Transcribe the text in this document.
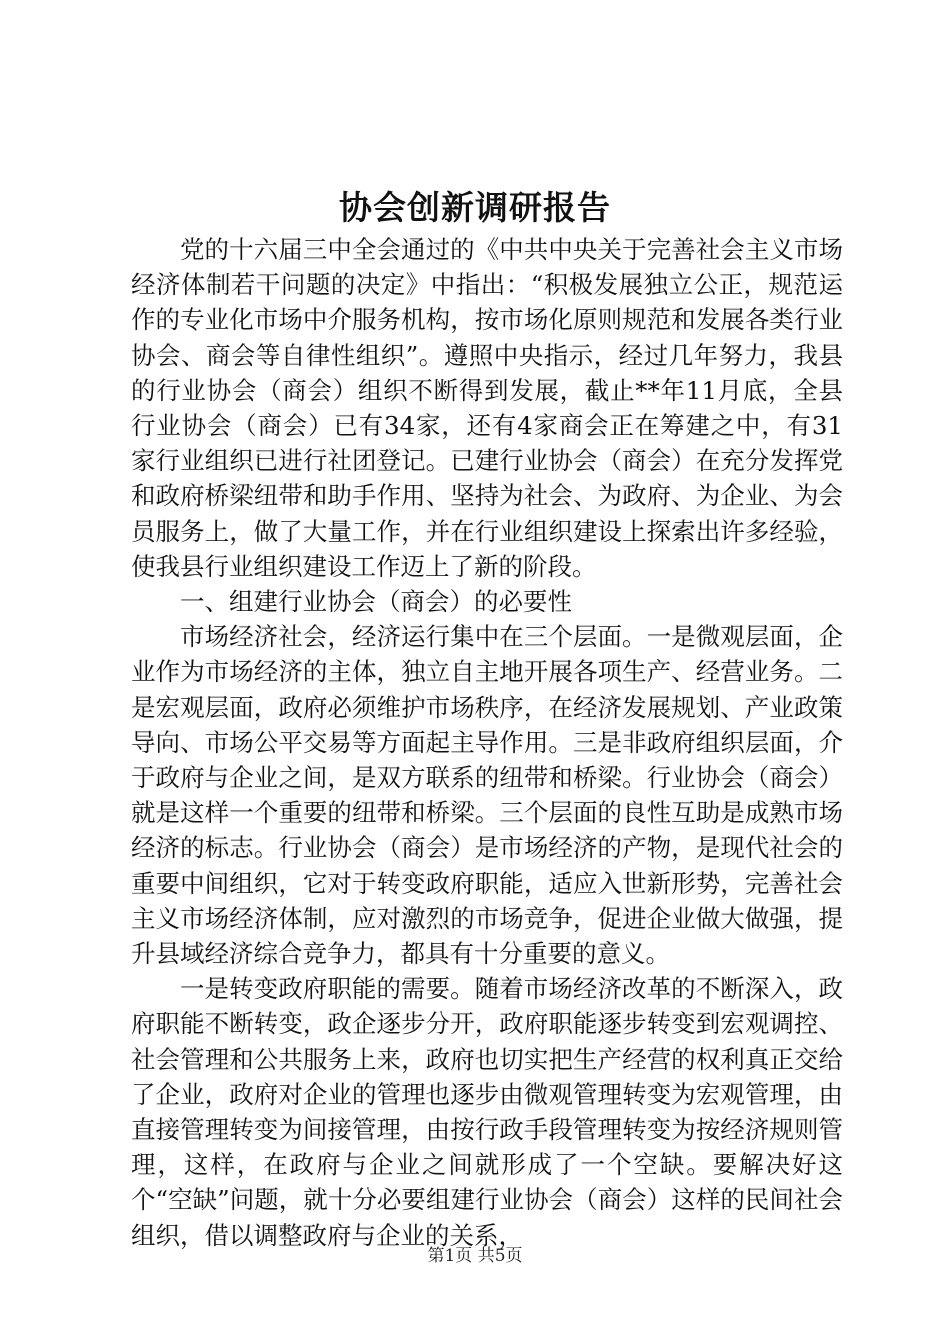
协会创新调研报告

党的十六届三中全会通过的《中共中央关于完善社会主义市场经济体制若干问题的决定》中指出：“积极发展独立公正，规范运作的专业化市场中介服务机构，按市场化原则规范和发展各类行业协会、商会等自律性组织”。遵照中央指示，经过几年努力，我县的行业协会（商会）组织不断得到发展，截止**年11月底，全县行业协会（商会）已有34家，还有4家商会正在筹建之中，有31家行业组织已进行社团登记。已建行业协会（商会）在充分发挥党和政府桥梁纽带和助手作用、坚持为社会、为政府、为企业、为会员服务上，做了大量工作，并在行业组织建设上探索出许多经验，使我县行业组织建设工作迈上了新的阶段。

一、组建行业协会（商会）的必要性

市场经济社会，经济运行集中在三个层面。一是微观层面，企业作为市场经济的主体，独立自主地开展各项生产、经营业务。二是宏观层面，政府必须维护市场秩序，在经济发展规划、产业政策导向、市场公平交易等方面起主导作用。三是非政府组织层面，介于政府与企业之间，是双方联系的纽带和桥梁。行业协会（商会）就是这样一个重要的纽带和桥梁。三个层面的良性互助是成熟市场经济的标志。行业协会（商会）是市场经济的产物，是现代社会的重要中间组织，它对于转变政府职能，适应入世新形势，完善社会主义市场经济体制，应对激烈的市场竞争，促进企业做大做强，提升县域经济综合竞争力，都具有十分重要的意义。

一是转变政府职能的需要。随着市场经济改革的不断深入，政府职能不断转变，政企逐步分开，政府职能逐步转变到宏观调控、社会管理和公共服务上来，政府也切实把生产经营的权利真正交给了企业，政府对企业的管理也逐步由微观管理转变为宏观管理，由直接管理转变为间接管理，由按行政手段管理转变为按经济规则管理，这样，在政府与企业之间就形成了一个空缺。要解决好这个“空缺”问题，就十分必要组建行业协会（商会）这样的民间社会组织，借以调整政府与企业的关系，

第1页 共5页
